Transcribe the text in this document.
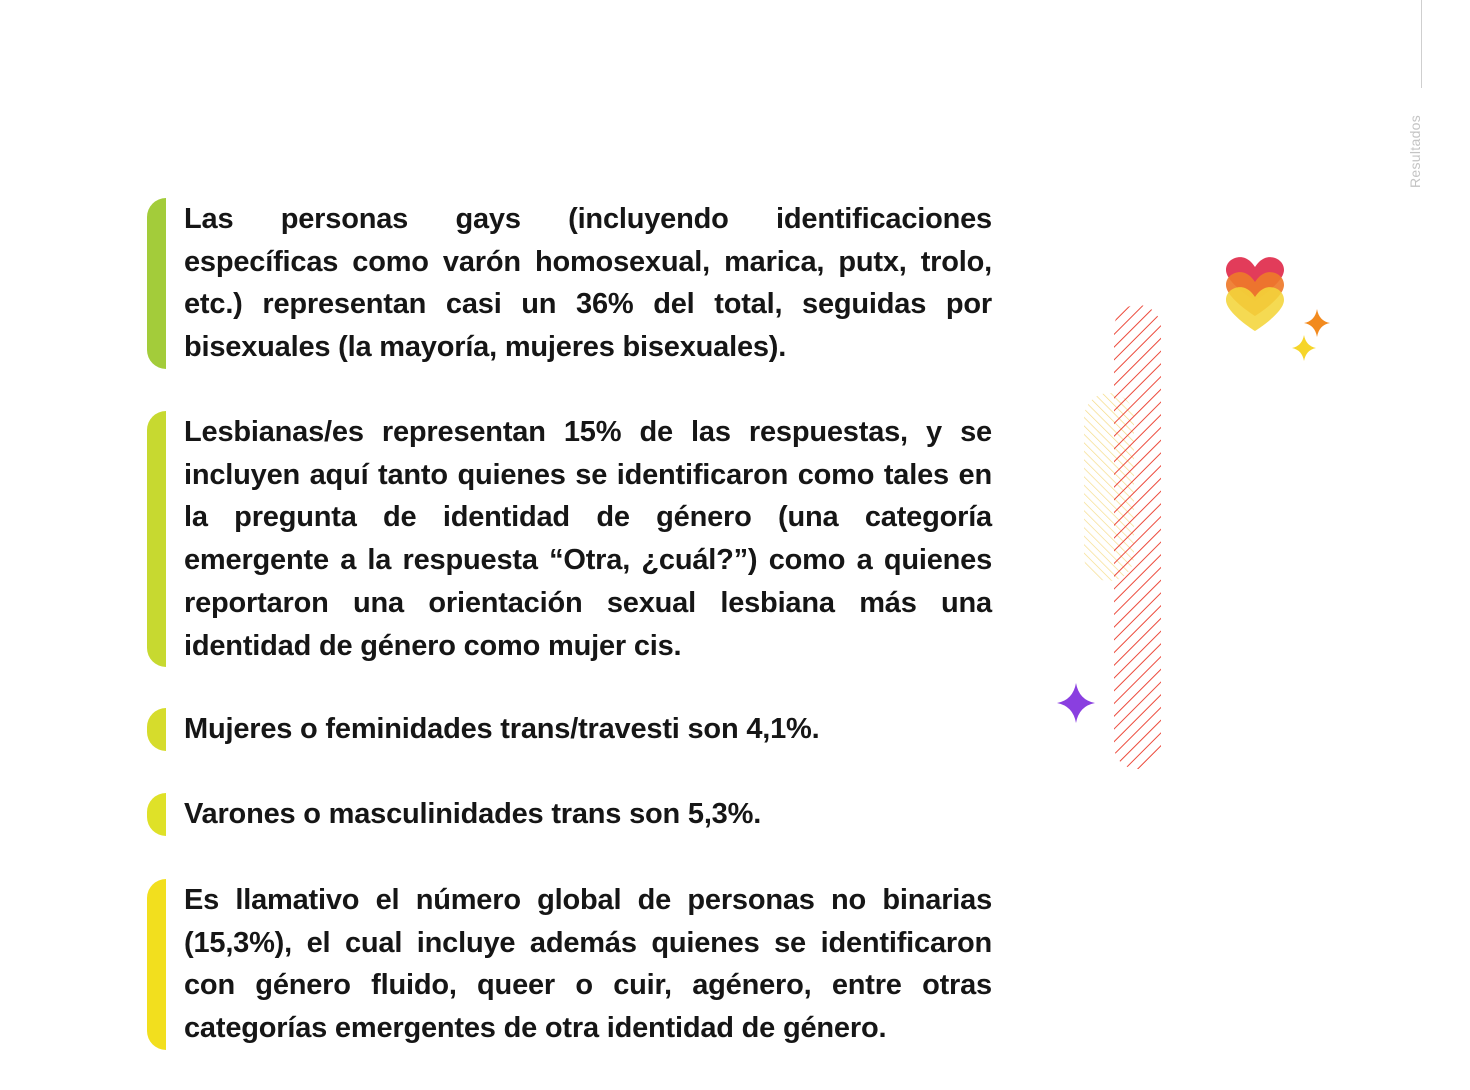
Resultados

Las personas gays (incluyendo identificaciones específicas como varón homosexual, marica, putx, trolo, etc.) representan casi un 36% del total, seguidas por bisexuales (la mayoría, mujeres bisexuales).

Lesbianas/es representan 15% de las respuestas, y se incluyen aquí tanto quienes se identificaron como tales en la pregunta de identidad de género (una categoría emergente a la respuesta “Otra, ¿cuál?”) como a quienes reportaron una orientación sexual lesbiana más una identidad de género como mujer cis.

Mujeres o feminidades trans/travesti son 4,1%.

Varones o masculinidades trans son 5,3%.

Es llamativo el número global de personas no binarias (15,3%), el cual incluye además quienes se identificaron con género fluido, queer o cuir, agénero, entre otras categorías emergentes de otra identidad de género.
